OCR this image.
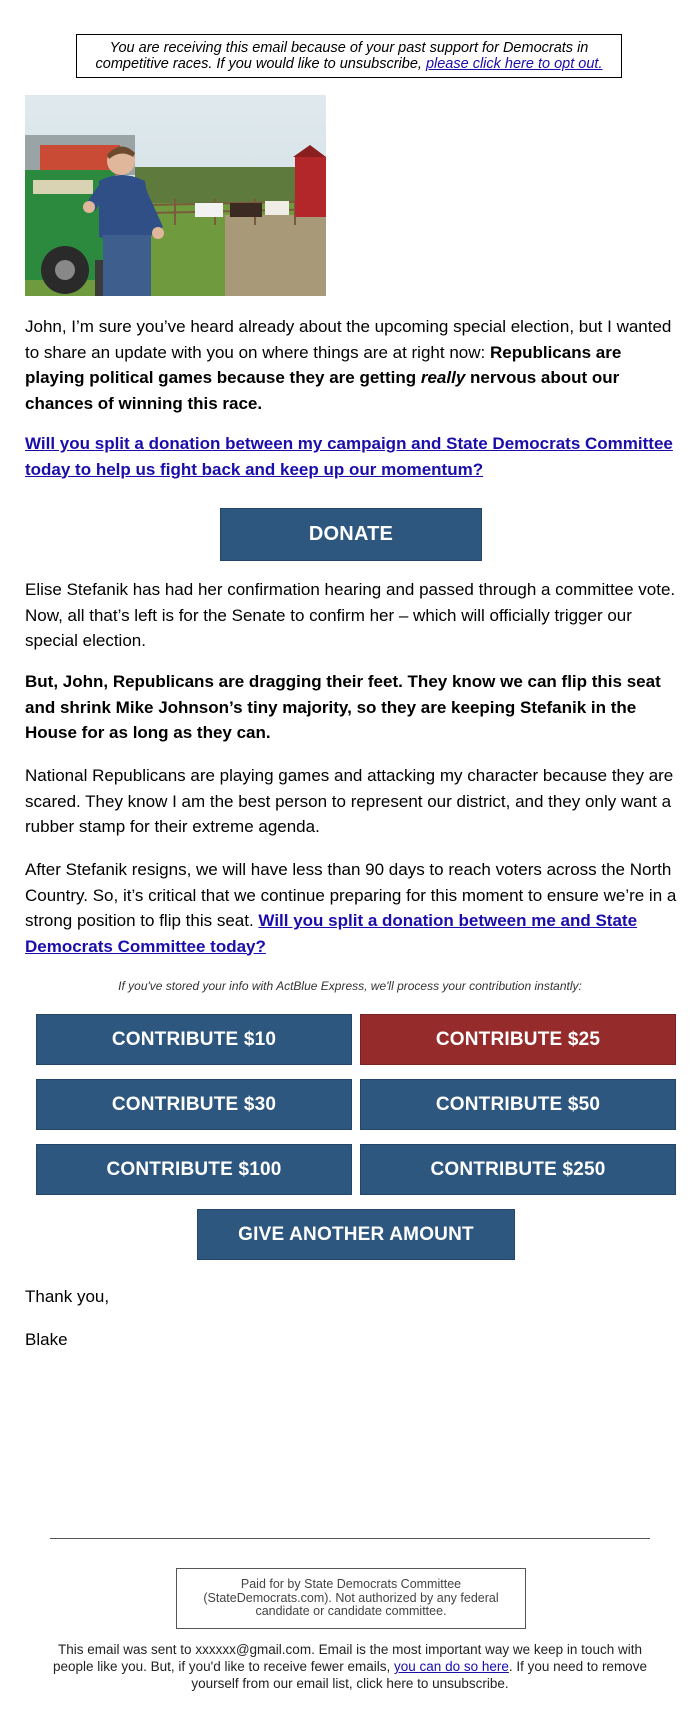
You are receiving this email because of your past support for Democrats in competitive races. If you would like to unsubscribe, please click here to opt out.

John, I’m sure you’ve heard already about the upcoming special election, but I wanted to share an update with you on where things are at right now: Republicans are playing political games because they are getting really nervous about our chances of winning this race.

Will you split a donation between my campaign and State Democrats Committee today to help us fight back and keep up our momentum?

DONATE

Elise Stefanik has had her confirmation hearing and passed through a committee vote. Now, all that’s left is for the Senate to confirm her – which will officially trigger our special election.

But, John, Republicans are dragging their feet. They know we can flip this seat and shrink Mike Johnson’s tiny majority, so they are keeping Stefanik in the House for as long as they can.

National Republicans are playing games and attacking my character because they are scared. They know I am the best person to represent our district, and they only want a rubber stamp for their extreme agenda.

After Stefanik resigns, we will have less than 90 days to reach voters across the North Country. So, it’s critical that we continue preparing for this moment to ensure we’re in a strong position to flip this seat. Will you split a donation between me and State Democrats Committee today?

If you've stored your info with ActBlue Express, we'll process your contribution instantly:
CONTRIBUTE $10	CONTRIBUTE $25
CONTRIBUTE $30	CONTRIBUTE $50
CONTRIBUTE $100	CONTRIBUTE $250
GIVE ANOTHER AMOUNT

Thank you,

Blake

Paid for by State Democrats Committee (StateDemocrats.com). Not authorized by any federal candidate or candidate committee.
This email was sent to xxxxxx@gmail.com. Email is the most important way we keep in touch with people like you. But, if you'd like to receive fewer emails, you can do so here. If you need to remove yourself from our email list, click here to unsubscribe.
